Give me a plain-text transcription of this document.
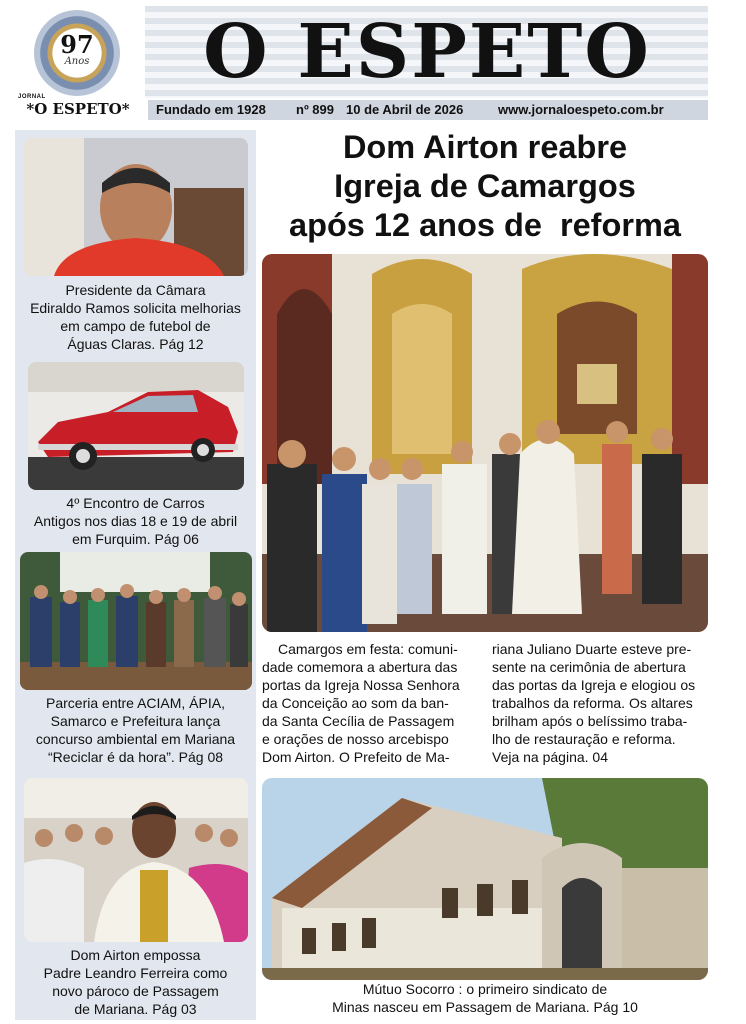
97
Anos
JORNAL
*O ESPETO*
O ESPETO
Fundado em 1928 nº 899 10 de Abril de 2026	www.jornaloespeto.com.br
Presidente da Câmara
Ediraldo Ramos solicita melhorias
em campo de futebol de
Águas Claras. Pág 12
4º Encontro de Carros
Antigos nos dias 18 e 19 de abril
em Furquim. Pág 06
Parceria entre ACIAM, ÁPIA,
Samarco e Prefeitura lança
concurso ambiental em Mariana
“Reciclar é da hora”. Pág 08
Dom Airton empossa
Padre Leandro Ferreira como
novo pároco de Passagem
de Mariana. Pág 03
Dom Airton reabre
Igreja de Camargos
após 12 anos de  reforma
Camargos em festa: comuni-
dade comemora a abertura das
portas da Igreja Nossa Senhora
da Conceição ao som da ban-
da Santa Cecília de Passagem
e orações de nosso arcebispo
Dom Airton. O Prefeito de Ma-
riana Juliano Duarte esteve pre-
sente na cerimônia de abertura
das portas da Igreja e elogiou os
trabalhos da reforma. Os altares
brilham após o belíssimo traba-
lho de restauração e reforma.
Veja na página. 04
Mútuo Socorro : o primeiro sindicato de
Minas nasceu em Passagem de Mariana. Pág 10
